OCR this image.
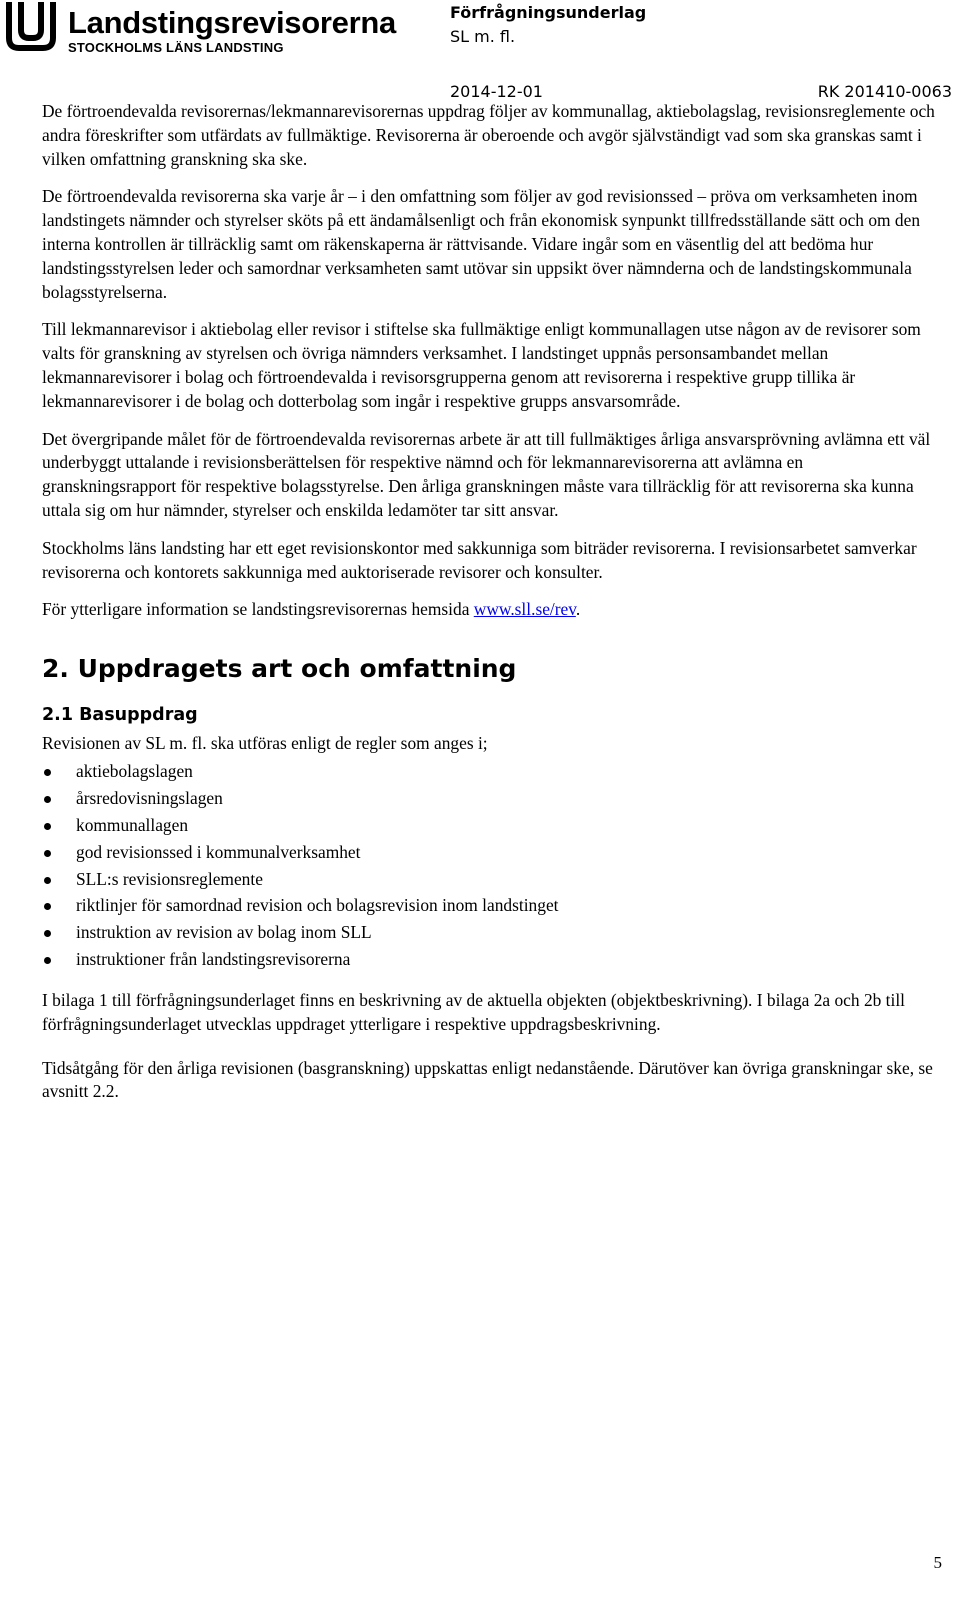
Landstingsrevisorerna
STOCKHOLMS LÄNS LANDSTING
Förfrågningsunderlag
SL m. fl.
2014-12-01	RK 201410-0063

De förtroendevalda revisorernas/lekmannarevisorernas uppdrag följer av kommunallag, aktiebolagslag, revisionsreglemente och andra föreskrifter som utfärdats av fullmäktige. Revisorerna är oberoende och avgör självständigt vad som ska granskas samt i vilken omfattning granskning ska ske.

De förtroendevalda revisorerna ska varje år – i den omfattning som följer av god revisionssed – pröva om verksamheten inom landstingets nämnder och styrelser sköts på ett ändamålsenligt och från ekonomisk synpunkt tillfredsställande sätt och om den interna kontrollen är tillräcklig samt om räkenskaperna är rättvisande. Vidare ingår som en väsentlig del att bedöma hur landstingsstyrelsen leder och samordnar verksamheten samt utövar sin uppsikt över nämnderna och de landstingskommunala bolagsstyrelserna.

Till lekmannarevisor i aktiebolag eller revisor i stiftelse ska fullmäktige enligt kommunallagen utse någon av de revisorer som valts för granskning av styrelsen och övriga nämnders verksamhet. I landstinget uppnås personsambandet mellan lekmannarevisorer i bolag och förtroendevalda i revisorsgrupperna genom att revisorerna i respektive grupp tillika är lekmannarevisorer i de bolag och dotterbolag som ingår i respektive grupps ansvarsområde.

Det övergripande målet för de förtroendevalda revisorernas arbete är att till fullmäktiges årliga ansvarsprövning avlämna ett väl underbyggt uttalande i revisionsberättelsen för respektive nämnd och för lekmannarevisorerna att avlämna en granskningsrapport för respektive bolagsstyrelse. Den årliga granskningen måste vara tillräcklig för att revisorerna ska kunna uttala sig om hur nämnder, styrelser och enskilda ledamöter tar sitt ansvar.

Stockholms läns landsting har ett eget revisionskontor med sakkunniga som biträder revisorerna. I revisionsarbetet samverkar revisorerna och kontorets sakkunniga med auktoriserade revisorer och konsulter.

För ytterligare information se landstingsrevisorernas hemsida www.sll.se/rev.

2. Uppdragets art och omfattning
2.1 Basuppdrag

Revisionen av SL m. fl. ska utföras enligt de regler som anges i;

aktiebolagslagen
årsredovisningslagen
kommunallagen
god revisionssed i kommunalverksamhet
SLL:s revisionsreglemente
riktlinjer för samordnad revision och bolagsrevision inom landstinget
instruktion av revision av bolag inom SLL
instruktioner från landstingsrevisorerna

I bilaga 1 till förfrågningsunderlaget finns en beskrivning av de aktuella objekten (objektbeskrivning). I bilaga 2a och 2b till förfrågningsunderlaget utvecklas uppdraget ytterligare i respektive uppdragsbeskrivning.

Tidsåtgång för den årliga revisionen (basgranskning) uppskattas enligt nedanstående. Därutöver kan övriga granskningar ske, se avsnitt 2.2.

5
